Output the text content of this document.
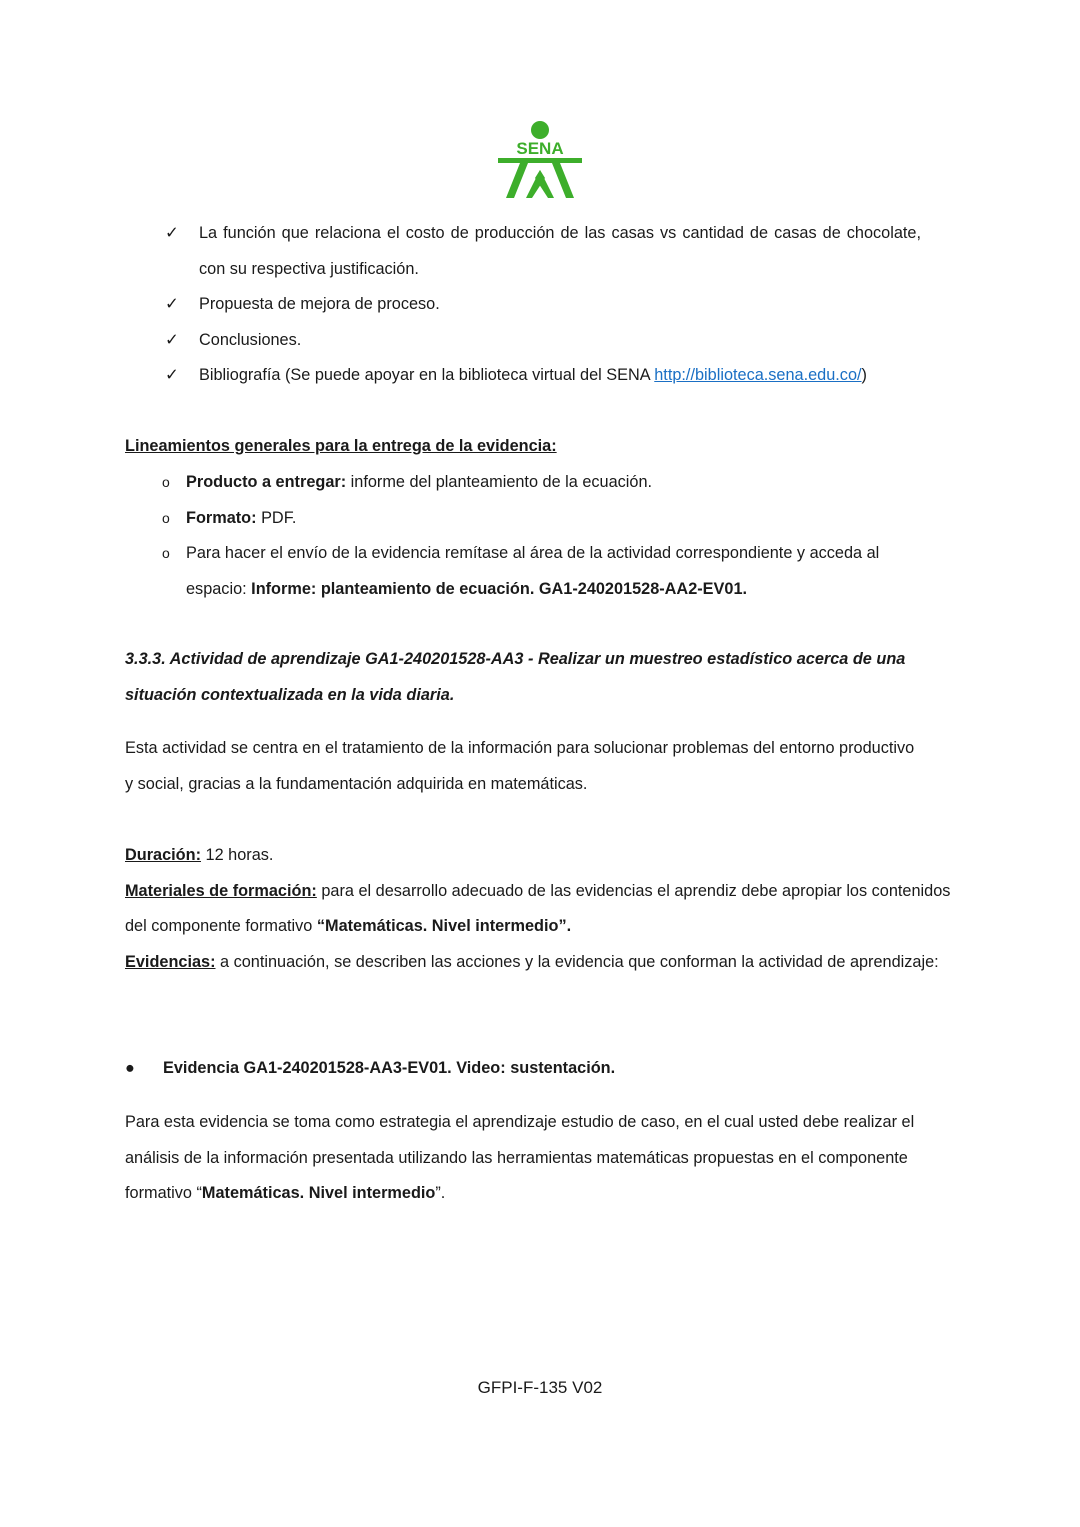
SENA
✓ La función que relaciona el costo de producción de las casas vs cantidad de casas de chocolate, con su respectiva justificación.
✓ Propuesta de mejora de proceso.
✓ Conclusiones.
✓ Bibliografía (Se puede apoyar en la biblioteca virtual del SENA http://biblioteca.sena.edu.co/)
Lineamientos generales para la entrega de la evidencia:
o Producto a entregar: informe del planteamiento de la ecuación.
o Formato: PDF.
o Para hacer el envío de la evidencia remítase al área de la actividad correspondiente y acceda al espacio: Informe: planteamiento de ecuación. GA1-240201528-AA2-EV01.
3.3.3. Actividad de aprendizaje GA1-240201528-AA3 - Realizar un muestreo estadístico acerca de una situación contextualizada en la vida diaria.
Esta actividad se centra en el tratamiento de la información para solucionar problemas del entorno productivo y social, gracias a la fundamentación adquirida en matemáticas.
Duración: 12 horas.
Materiales de formación: para el desarrollo adecuado de las evidencias el aprendiz debe apropiar los contenidos del componente formativo “Matemáticas. Nivel intermedio”.
Evidencias: a continuación, se describen las acciones y la evidencia que conforman la actividad de aprendizaje:
● Evidencia GA1-240201528-AA3-EV01. Video: sustentación.
Para esta evidencia se toma como estrategia el aprendizaje estudio de caso, en el cual usted debe realizar el análisis de la información presentada utilizando las herramientas matemáticas propuestas en el componente formativo “Matemáticas. Nivel intermedio”.
GFPI-F-135 V02
